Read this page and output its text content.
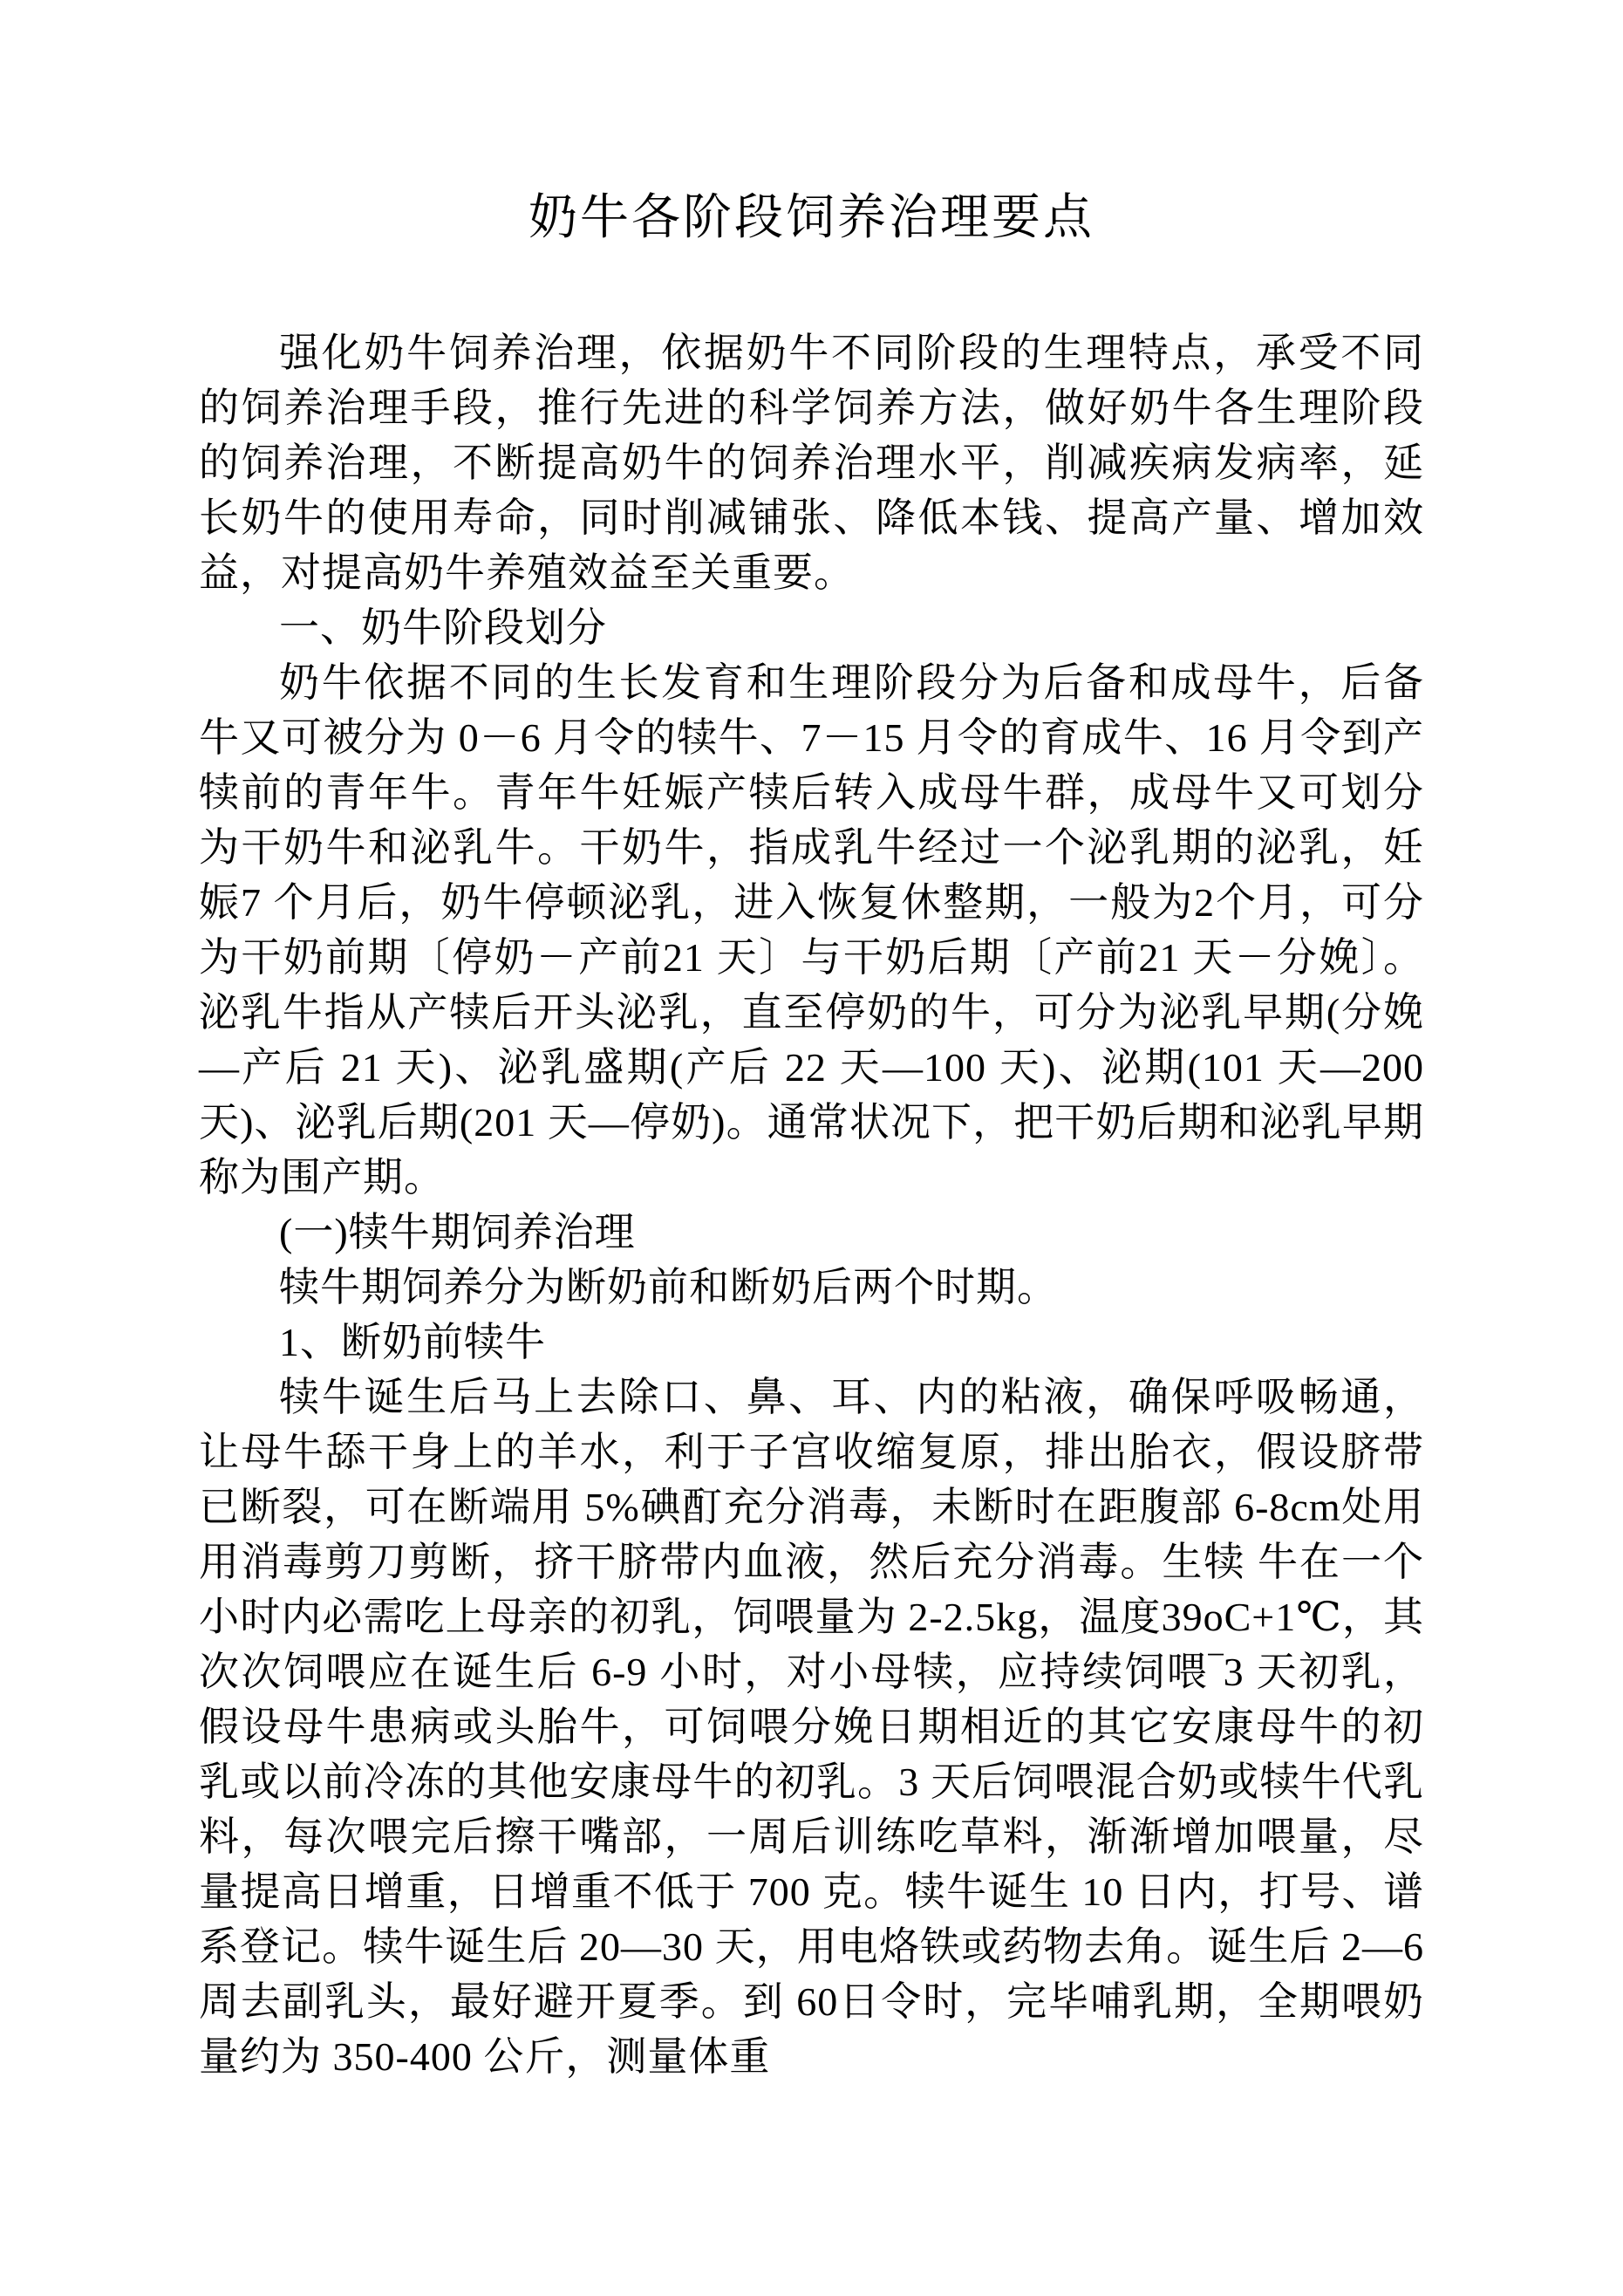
奶牛各阶段饲养治理要点

强化奶牛饲养治理，依据奶牛不同阶段的生理特点，承受不同的饲养治理手段，推行先进的科学饲养方法，做好奶牛各生理阶段的饲养治理，不断提高奶牛的饲养治理水平，削减疾病发病率，延长奶牛的使用寿命，同时削减铺张、降低本钱、提高产量、增加效益，对提高奶牛养殖效益至关重要。

一、奶牛阶段划分

奶牛依据不同的生长发育和生理阶段分为后备和成母牛，后备牛又可被分为 0－6 月令的犊牛、7－15 月令的育成牛、16 月令到产犊前的青年牛。青年牛妊娠产犊后转入成母牛群，成母牛又可划分为干奶牛和泌乳牛。干奶牛，指成乳牛经过一个泌乳期的泌乳，妊娠7 个月后，奶牛停顿泌乳，进入恢复休整期，一般为2个月，可分为干奶前期〔停奶－产前21 天〕与干奶后期〔产前21 天－分娩〕。泌乳牛指从产犊后开头泌乳，直至停奶的牛，可分为泌乳早期(分娩—产后 21 天)、泌乳盛期(产后 22 天—100 天)、泌期(101 天—200 天)、泌乳后期(201 天—停奶)。通常状况下，把干奶后期和泌乳早期称为围产期。

(一)犊牛期饲养治理

犊牛期饲养分为断奶前和断奶后两个时期。

1、断奶前犊牛

犊牛诞生后马上去除口、鼻、耳、内的粘液，确保呼吸畅通，让母牛舔干身上的羊水，利于子宫收缩复原，排出胎衣，假设脐带已断裂，可在断端用 5%碘酊充分消毒，未断时在距腹部 6-8cm处用用消毒剪刀剪断，挤干脐带内血液，然后充分消毒。生犊 牛在一个小时内必需吃上母亲的初乳，饲喂量为 2-2.5kg，温度39oC+1℃，其次次饲喂应在诞生后 6-9 小时，对小母犊，应持续饲喂‾3 天初乳，假设母牛患病或头胎牛，可饲喂分娩日期相近的其它安康母牛的初乳或以前冷冻的其他安康母牛的初乳。3 天后饲喂混合奶或犊牛代乳料，每次喂完后擦干嘴部，一周后训练吃草料，渐渐增加喂量，尽量提高日增重，日增重不低于 700 克。犊牛诞生 10 日内，打号、谱系登记。犊牛诞生后 20—30 天，用电烙铁或药物去角。诞生后 2—6 周去副乳头，最好避开夏季。到 60日令时，完毕哺乳期，全期喂奶量约为 350-400 公斤，测量体重
